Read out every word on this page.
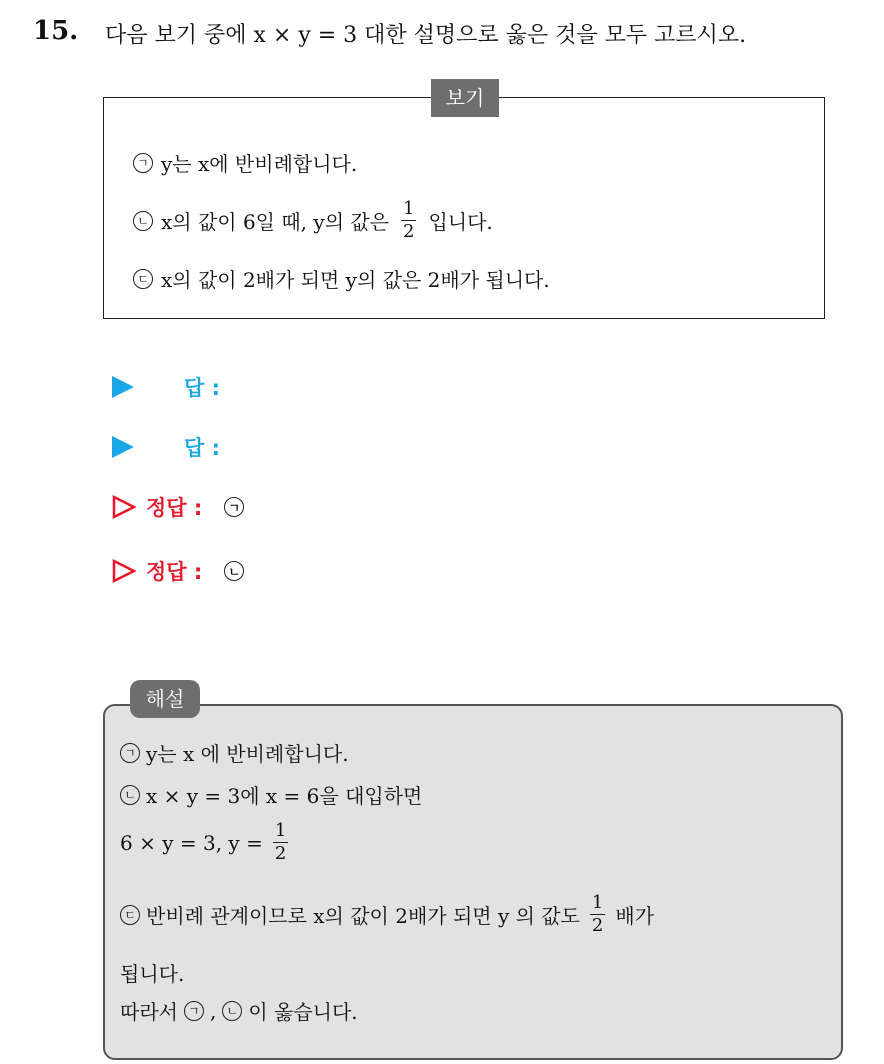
15. 다음 보기 중에 x × y = 3 대한 설명으로 옳은 것을 모두 고르시오.
보기
ㄱ y는 x에 반비례합니다.
ㄴ x의 값이 6일 때, y의 값은 $\frac{1}{2}$ 입니다.
ㄷ x의 값이 2배가 되면 y의 값은 2배가 됩니다.
답 :
답 :
정답 :	ㄱ
정답 :	ㄴ
해설
ㄱ y는 x 에 반비례합니다.
ㄴ x × y = 3에 x = 6을 대입하면
6 × y = 3, $y = \frac{1}{2}$
ㄷ 반비례 관계이므로 x의 값이 2배가 되면 y 의 값도 $\frac{1}{2}$ 배가
됩니다.
따라서 ㄱ , ㄴ 이 옳습니다.
